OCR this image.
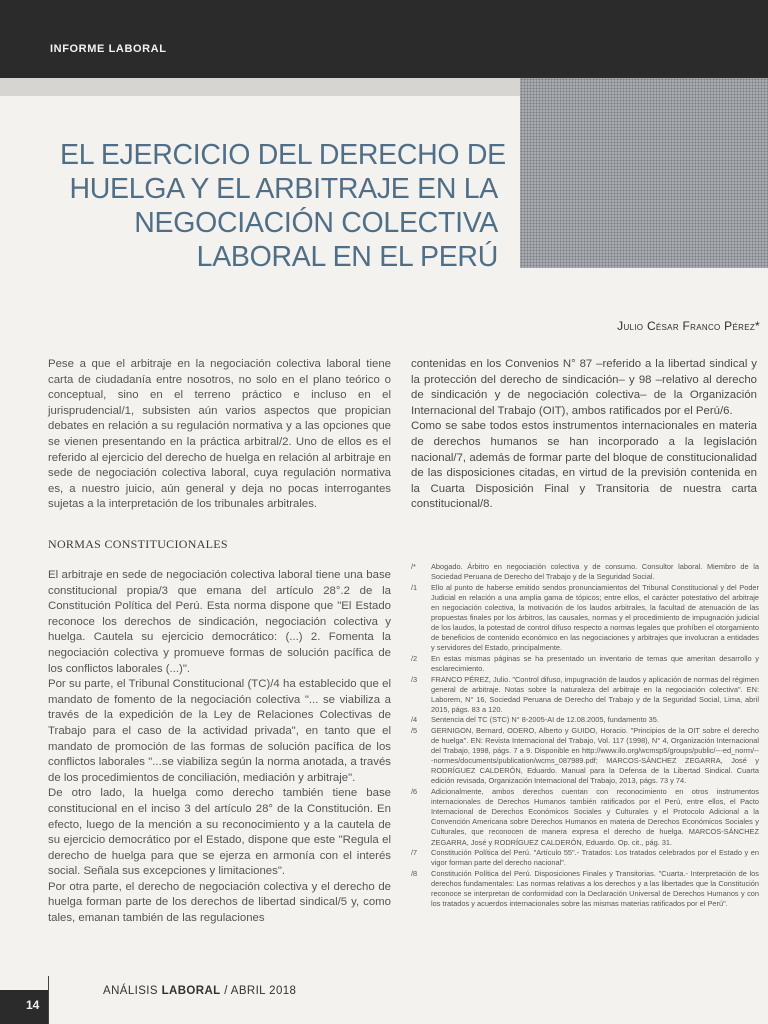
INFORME LABORAL
EL EJERCICIO DEL DERECHO DE
HUELGA Y EL ARBITRAJE EN LA
NEGOCIACIÓN COLECTIVA
LABORAL EN EL PERÚ
Julio César Franco Pérez*

Pese a que el arbitraje en la negociación colectiva laboral tiene carta de ciudadanía entre nosotros, no solo en el plano teórico o conceptual, sino en el terreno práctico e incluso en el jurisprudencial/1, subsisten aún varios aspectos que propician debates en relación a su regulación normativa y a las opciones que se vienen presentando en la práctica arbitral/2. Uno de ellos es el referido al ejercicio del derecho de huelga en relación al arbitraje en sede de negociación colectiva laboral, cuya regulación normativa es, a nuestro juicio, aún general y deja no pocas interrogantes sujetas a la interpretación de los tribunales arbitrales.

NORMAS CONSTITUCIONALES

El arbitraje en sede de negociación colectiva laboral tiene una base constitucional propia/3 que emana del artículo 28°.2 de la Constitución Política del Perú. Esta norma dispone que "El Estado reconoce los derechos de sindicación, negociación colectiva y huelga. Cautela su ejercicio democrático: (...) 2. Fomenta la negociación colectiva y promueve formas de solución pacífica de los conflictos laborales (...)".

Por su parte, el Tribunal Constitucional (TC)/4 ha establecido que el mandato de fomento de la negociación colectiva "... se viabiliza a través de la expedición de la Ley de Relaciones Colectivas de Trabajo para el caso de la actividad privada", en tanto que el mandato de promoción de las formas de solución pacífica de los conflictos laborales "...se viabiliza según la norma anotada, a través de los procedimientos de conciliación, mediación y arbitraje".

De otro lado, la huelga como derecho también tiene base constitucional en el inciso 3 del artículo 28° de la Constitución. En efecto, luego de la mención a su reconocimiento y a la cautela de su ejercicio democrático por el Estado, dispone que este "Regula el derecho de huelga para que se ejerza en armonía con el interés social. Señala sus excepciones y limitaciones".

Por otra parte, el derecho de negociación colectiva y el derecho de huelga forman parte de los derechos de libertad sindical/5 y, como tales, emanan también de las regulaciones

contenidas en los Convenios N° 87 –referido a la libertad sindical y la protección del derecho de sindicación– y 98 –relativo al derecho de sindicación y de negociación colectiva– de la Organización Internacional del Trabajo (OIT), ambos ratificados por el Perú/6.

Como se sabe todos estos instrumentos internacionales en materia de derechos humanos se han incorporado a la legislación nacional/7, además de formar parte del bloque de constitucionalidad de las disposiciones citadas, en virtud de la previsión contenida en la Cuarta Disposición Final y Transitoria de nuestra carta constitucional/8.

/*	Abogado. Árbitro en negociación colectiva y de consumo. Consultor laboral. Miembro de la Sociedad Peruana de Derecho del Trabajo y de la Seguridad Social.
/1	Ello al punto de haberse emitido sendos pronunciamientos del Tribunal Constitucional y del Poder Judicial en relación a una amplia gama de tópicos; entre ellos, el carácter potestativo del arbitraje en negociación colectiva, la motivación de los laudos arbitrales, la facultad de atenuación de las propuestas finales por los árbitros, las causales, normas y el procedimiento de impugnación judicial de los laudos, la potestad de control difuso respecto a normas legales que prohíben el otorgamiento de beneficios de contenido económico en las negociaciones y arbitrajes que involucran a entidades y servidores del Estado, principalmente.
/2	En estas mismas páginas se ha presentado un inventario de temas que ameritan desarrollo y esclarecimiento.
/3	FRANCO PÉREZ, Julio. "Control difuso, impugnación de laudos y aplicación de normas del régimen general de arbitraje. Notas sobre la naturaleza del arbitraje en la negociación colectiva". EN: Laborem, N° 16, Sociedad Peruana de Derecho del Trabajo y de la Seguridad Social, Lima, abril 2015, págs. 83 a 120.
/4	Sentencia del TC (STC) N° 8-2005-AI de 12.08.2005, fundamento 35.
/5	GERNIGON, Bernard, ODERO, Alberto y GUIDO, Horacio. "Principios de la OIT sobre el derecho de huelga". EN: Revista Internacional del Trabajo, Vol. 117 (1998), N° 4, Organización Internacional del Trabajo, 1998, págs. 7 a 9. Disponible en http://www.ilo.org/wcmsp5/groups/public/---ed_norm/---normes/documents/publication/wcms_087989.pdf; MARCOS-SÁNCHEZ ZEGARRA, José y RODRÍGUEZ CALDERÓN, Eduardo. Manual para la Defensa de la Libertad Sindical. Cuarta edición revisada, Organización Internacional del Trabajo, 2013, págs. 73 y 74.
/6	Adicionalmente, ambos derechos cuentan con reconocimiento en otros instrumentos internacionales de Derechos Humanos también ratificados por el Perú, entre ellos, el Pacto Internacional de Derechos Económicos Sociales y Culturales y el Protocolo Adicional a la Convención Americana sobre Derechos Humanos en materia de Derechos Económicos Sociales y Culturales, que reconocen de manera expresa el derecho de huelga. MARCOS-SÁNCHEZ ZEGARRA, José y RODRÍGUEZ CALDERÓN, Eduardo. Op. cit., pág. 31.
/7	Constitución Política del Perú. "Artículo 55".- Tratados: Los tratados celebrados por el Estado y en vigor forman parte del derecho nacional".
/8	Constitución Política del Perú. Disposiciones Finales y Transitorias. "Cuarta.- Interpretación de los derechos fundamentales: Las normas relativas a los derechos y a las libertades que la Constitución reconoce se interpretan de conformidad con la Declaración Universal de Derechos Humanos y con los tratados y acuerdos internacionales sobre las mismas materias ratificados por el Perú".
14
ANÁLISIS LABORAL / ABRIL 2018
